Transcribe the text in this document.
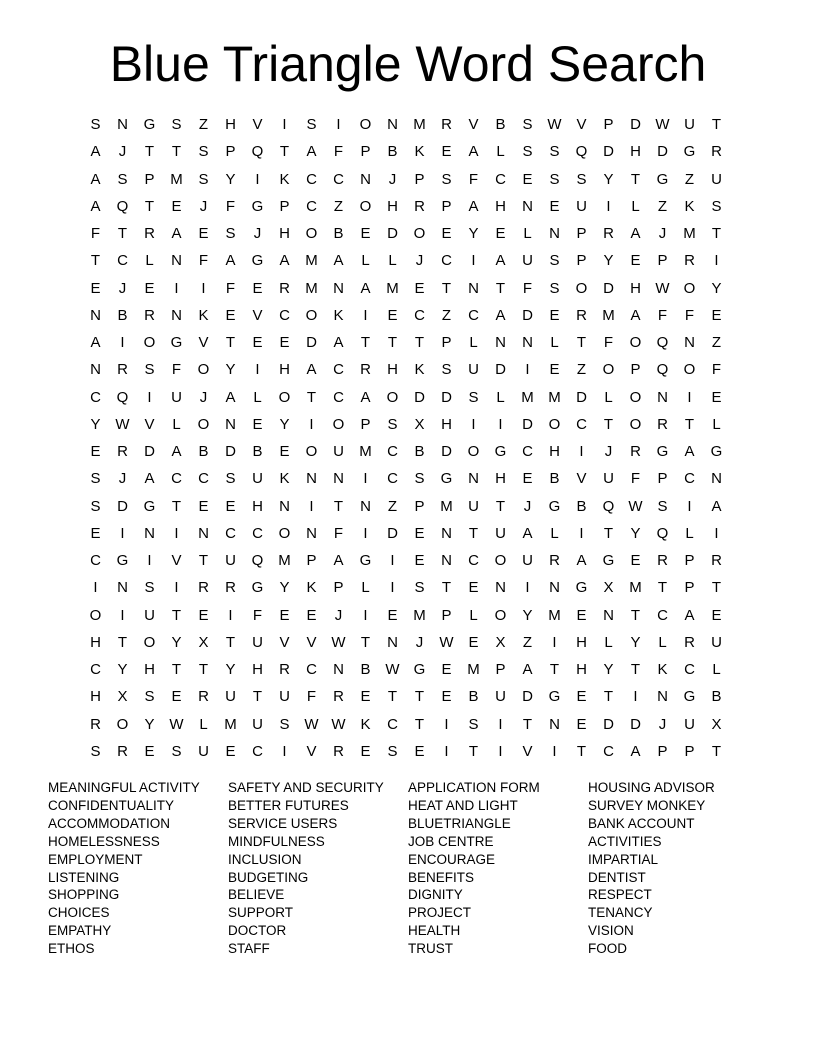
Blue Triangle Word Search
S	N	G	S	Z	H	V	I	S	I	O	N	M	R	V	B	S W V	P	D W U	T
A	J	T	T	S	P	Q	T	A	F	P	B	K	E	A	L	S	S	Q	D	H	D	G	R
A	S	P	M	S	Y	I	K	C	C	N	J	P	S	F	C	E	S	S	Y	T	G	Z	U
A	Q	T	E	J	F	G	P	C	Z	O	H	R	P	A	H	N	E	U	I	L	Z	K	S
F	T	R	A	E	S	J	H	O	B	E	D	O	E	Y	E	L	N	P	R	A	J	M	T
T	C	L	N	F	A	G	A	M	A	L	L	J	C	I	A	U	S	P	Y	E	P	R	I
E	J	E	I	I	F	E	R	M	N	A	M	E	T	N	T	F	S	O	D	H W O	Y
N	B	R	N	K	E	V	C	O	K	I	E	C	Z	C	A	D	E	R	M	A	F	F	E
A	I	O	G	V	T	E	E	D	A	T	T	T	P	L	N	N	L	T	F	O	Q	N	Z
N	R	S	F	O	Y	I	H	A	C	R	H	K	S	U	D	I	E	Z	O	P	Q	O	F
C	Q	I	U	J	A	L	O	T	C	A	O	D	D	S	L	M M	D	L	O	N	I	E
Y W V	L	O	N	E	Y	I	O	P	S	X	H	I	I	D	O	C	T	O	R	T	L
E	R	D	A	B	D	B	E	O	U	M	C	B	D	O	G	C	H	I	J	R	G	A	G
S	J	A	C	C	S	U	K	N	N	I	C	S	G	N	H	E	B	V	U	F	P	C	N
S	D	G	T	E	E	H	N	I	T	N	Z	P	M	U	T	J	G	B	Q W S	I	A
E	I	N	I	N	C	C	O	N	F	I	D	E	N	T	U	A	L	I	T	Y	Q	L	I
C	G	I	V	T	U	Q M	P	A	G	I	E	N	C	O	U	R	A	G	E	R	P	R
I	N	S	I	R	R	G	Y	K	P	L	I	S	T	E	N	I	N	G	X	M	T	P	T
O	I	U	T	E	I	F	E	E	J	I	E	M	P	L	O	Y	M	E	N	T	C	A	E
H	T	O	Y	X	T	U	V	V W	T	N	J	W E	X	Z	I	H	L	Y	L	R	U
C	Y	H	T	T	Y	H	R	C	N	B W G	E	M	P	A	T	H	Y	T	K	C	L
H	X	S	E	R	U	T	U	F	R	E	T	T	E	B	U	D	G	E	T	I	N	G	B
R	O	Y W	L	M	U	S W W K	C	T	I	S	I	T	N	E	D	D	J	U	X
S	R	E	S	U	E	C	I	V	R	E	S	E	I	T	I	V	I	T	C	A	P	P	T
MEANINGFUL ACTIVITY
CONFIDENTUALITY
ACCOMMODATION
HOMELESSNESS
EMPLOYMENT
LISTENING
SHOPPING
CHOICES
EMPATHY
ETHOS
SAFETY AND SECURITY
BETTER FUTURES
SERVICE USERS
MINDFULNESS
INCLUSION
BUDGETING
BELIEVE
SUPPORT
DOCTOR
STAFF
APPLICATION FORM
HEAT AND LIGHT
BLUETRIANGLE
JOB CENTRE
ENCOURAGE
BENEFITS
DIGNITY
PROJECT
HEALTH
TRUST
HOUSING ADVISOR
SURVEY MONKEY
BANK ACCOUNT
ACTIVITIES
IMPARTIAL
DENTIST
RESPECT
TENANCY
VISION
FOOD
